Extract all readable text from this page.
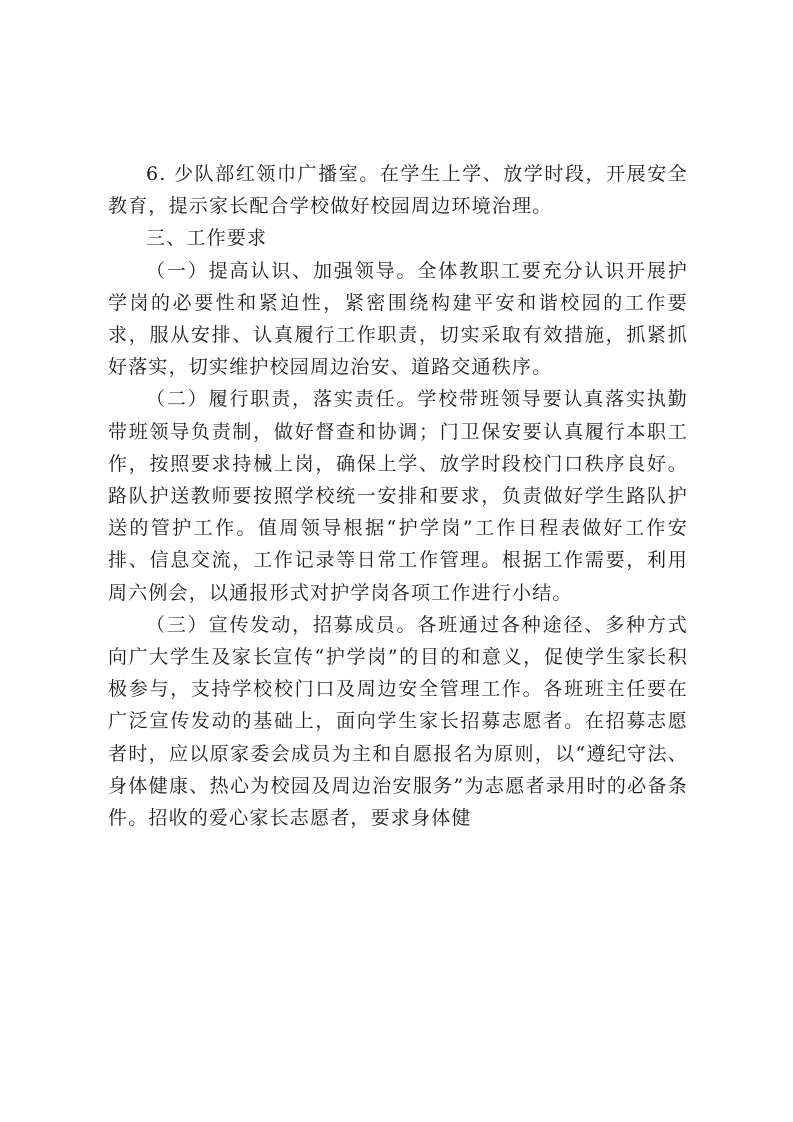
6. 少队部红领巾广播室。在学生上学、放学时段，开展安全教育，提示家长配合学校做好校园周边环境治理。

三、工作要求

（一）提高认识、加强领导。全体教职工要充分认识开展护学岗的必要性和紧迫性，紧密围绕构建平安和谐校园的工作要求，服从安排、认真履行工作职责，切实采取有效措施，抓紧抓好落实，切实维护校园周边治安、道路交通秩序。

（二）履行职责，落实责任。学校带班领导要认真落实执勤带班领导负责制，做好督查和协调；门卫保安要认真履行本职工作，按照要求持械上岗，确保上学、放学时段校门口秩序良好。路队护送教师要按照学校统一安排和要求，负责做好学生路队护送的管护工作。值周领导根据“护学岗”工作日程表做好工作安排、信息交流，工作记录等日常工作管理。根据工作需要，利用周六例会，以通报形式对护学岗各项工作进行小结。

（三）宣传发动，招募成员。各班通过各种途径、多种方式向广大学生及家长宣传“护学岗”的目的和意义，促使学生家长积极参与，支持学校校门口及周边安全管理工作。各班班主任要在广泛宣传发动的基础上，面向学生家长招募志愿者。在招募志愿者时，应以原家委会成员为主和自愿报名为原则，以“遵纪守法、身体健康、热心为校园及周边治安服务”为志愿者录用时的必备条件。招收的爱心家长志愿者，要求身体健
